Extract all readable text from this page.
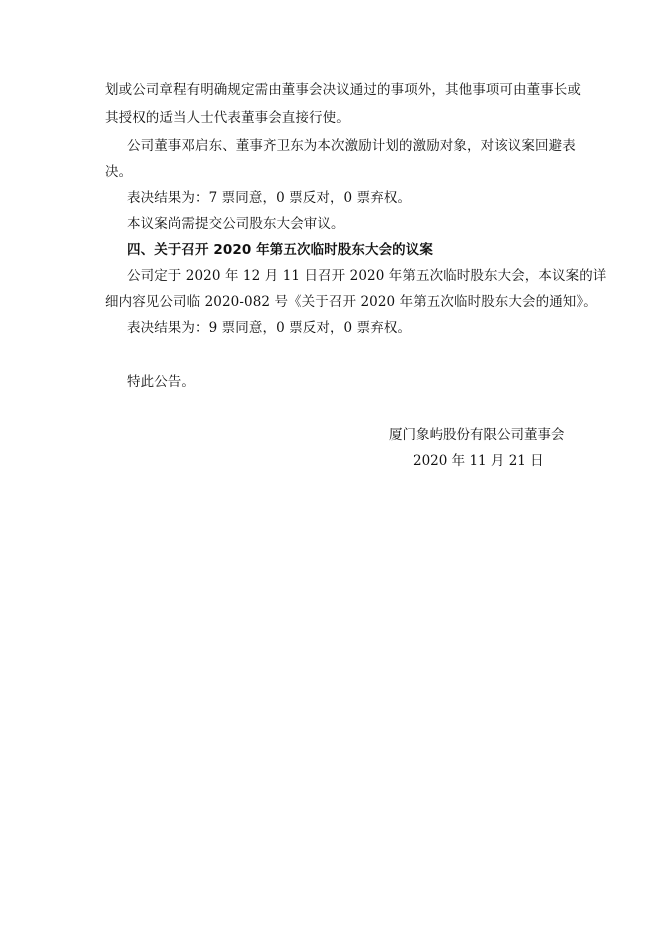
划或公司章程有明确规定需由董事会决议通过的事项外，其他事项可由董事长或
其授权的适当人士代表董事会直接行使。
公司董事邓启东、董事齐卫东为本次激励计划的激励对象，对该议案回避表
决。
表决结果为：7 票同意，0 票反对，0 票弃权。
本议案尚需提交公司股东大会审议。
四、关于召开 2020 年第五次临时股东大会的议案
公司定于 2020 年 12 月 11 日召开 2020 年第五次临时股东大会，本议案的详
细内容见公司临 2020-082 号《关于召开 2020 年第五次临时股东大会的通知》。
表决结果为：9 票同意，0 票反对，0 票弃权。
特此公告。
厦门象屿股份有限公司董事会
2020 年 11 月 21 日
